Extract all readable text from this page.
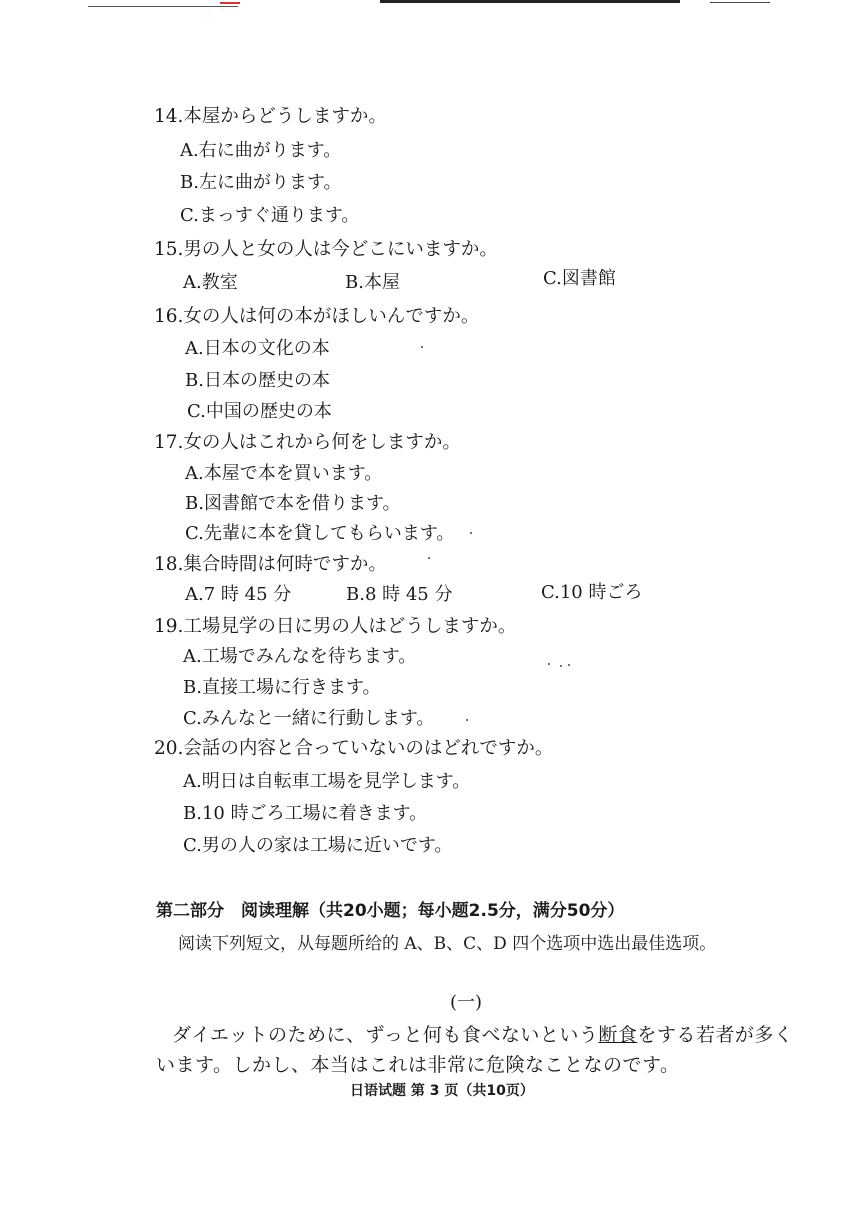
14.本屋からどうしますか。
A.右に曲がります。
B.左に曲がります。
C.まっすぐ通ります。
15.男の人と女の人は今どこにいますか。
A.教室	B.本屋	C.図書館
16.女の人は何の本がほしいんですか。
A.日本の文化の本
B.日本の歴史の本
C.中国の歴史の本
17.女の人はこれから何をしますか。
A.本屋で本を買います。
B.図書館で本を借ります。
C.先輩に本を貸してもらいます。
18.集合時間は何時ですか。
A.7 時 45 分	B.8 時 45 分	C.10 時ごろ
19.工場見学の日に男の人はどうしますか。
A.工場でみんなを待ちます。
B.直接工場に行きます。
C.みんなと一緒に行動します。
20.会話の内容と合っていないのはどれですか。
A.明日は自転車工場を見学します。
B.10 時ごろ工場に着きます。
C.男の人の家は工場に近いです。
第二部分　阅读理解（共20小题；每小题2.5分，满分50分）
阅读下列短文，从每题所给的 A、B、C、D 四个选项中选出最佳选项。
(一)
ダイエットのために、ずっと何も食べないという断食をする若者が多く
います。しかし、本当はこれは非常に危険なことなのです。
日语试题 第 3 页（共10页）
